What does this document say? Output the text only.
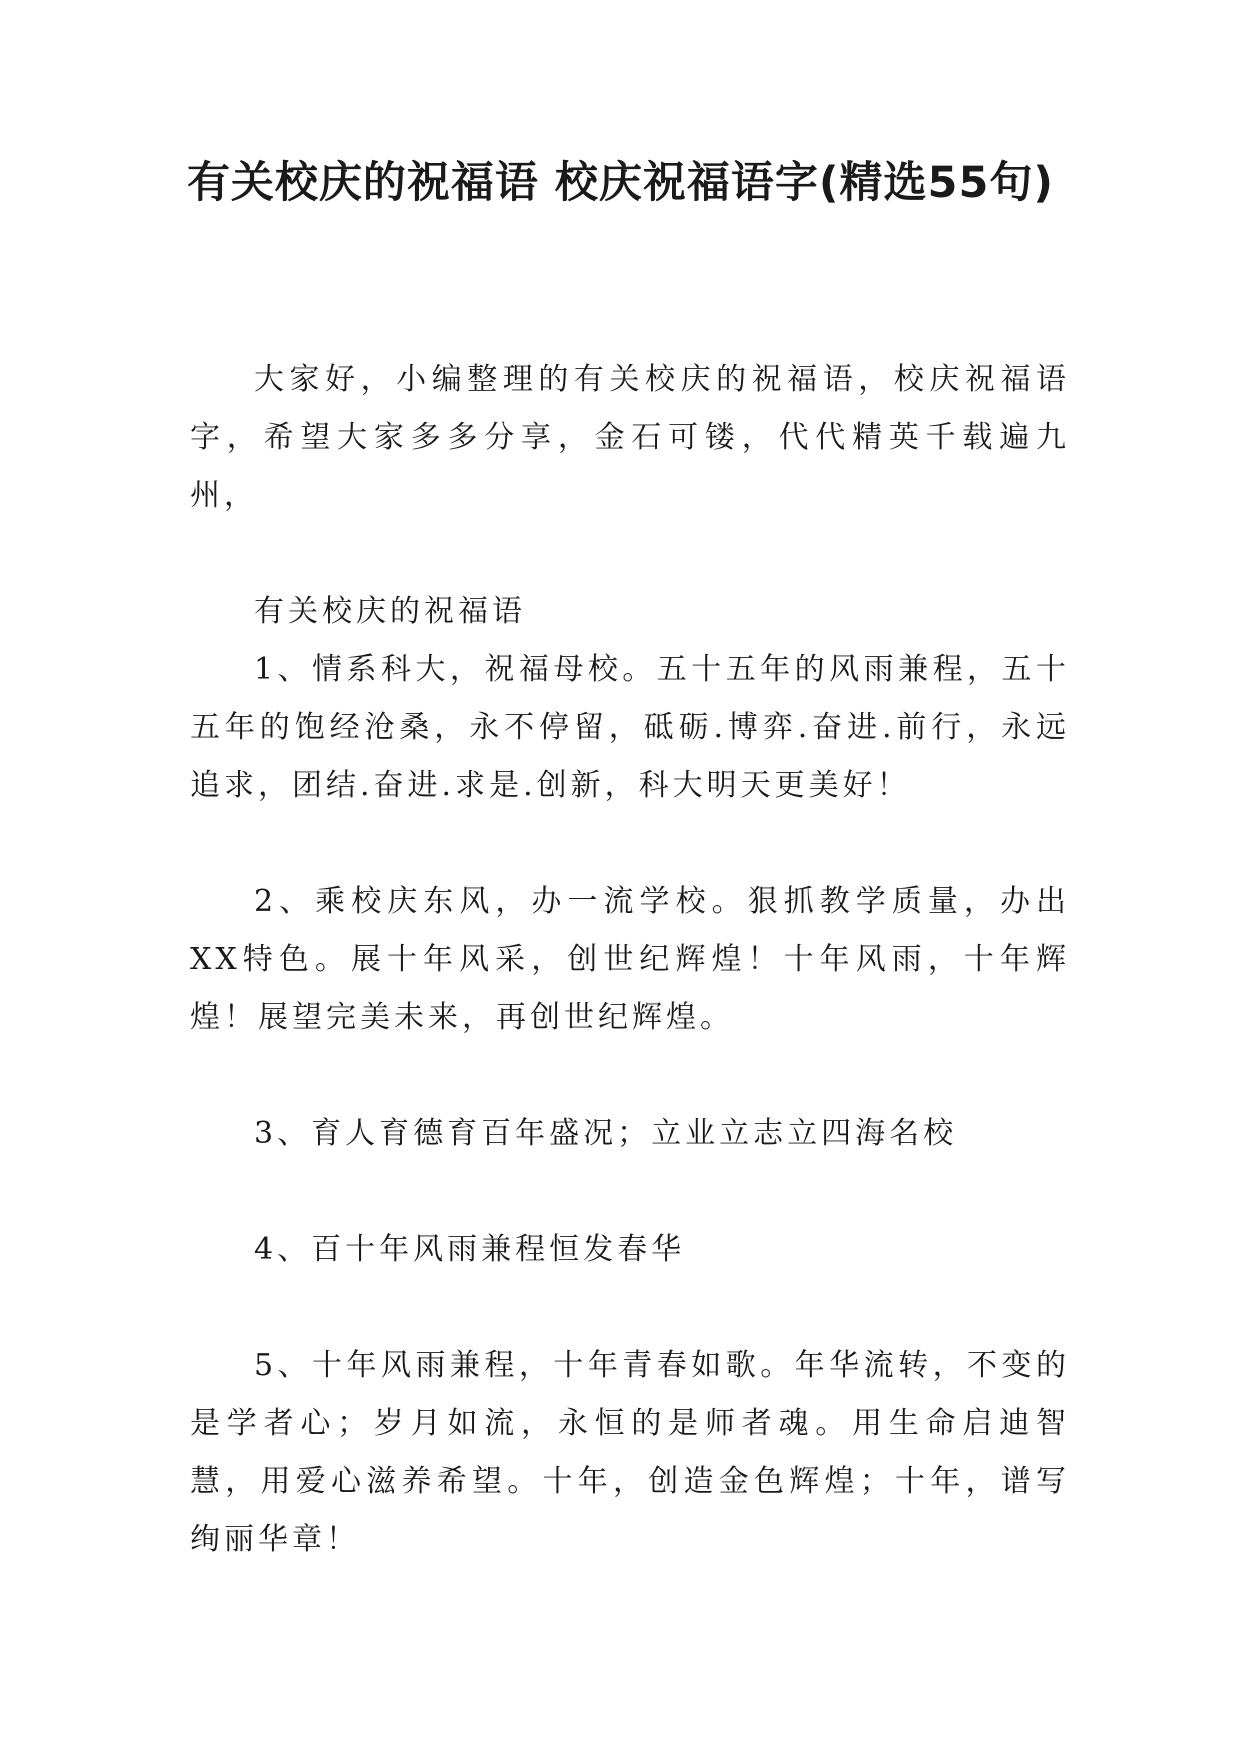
有关校庆的祝福语 校庆祝福语字(精选55句)

大家好，小编整理的有关校庆的祝福语，校庆祝福语字，希望大家多多分享，金石可镂，代代精英千载遍九州，

有关校庆的祝福语

1、情系科大，祝福母校。五十五年的风雨兼程，五十五年的饱经沧桑，永不停留，砥砺.博弈.奋进.前行，永远追求，团结.奋进.求是.创新，科大明天更美好！

2、乘校庆东风，办一流学校。狠抓教学质量，办出XX特色。展十年风采，创世纪辉煌！十年风雨，十年辉煌！展望完美未来，再创世纪辉煌。

3、育人育德育百年盛况；立业立志立四海名校

4、百十年风雨兼程恒发春华

5、十年风雨兼程，十年青春如歌。年华流转，不变的是学者心；岁月如流，永恒的是师者魂。用生命启迪智慧，用爱心滋养希望。十年，创造金色辉煌；十年，谱写绚丽华章！
